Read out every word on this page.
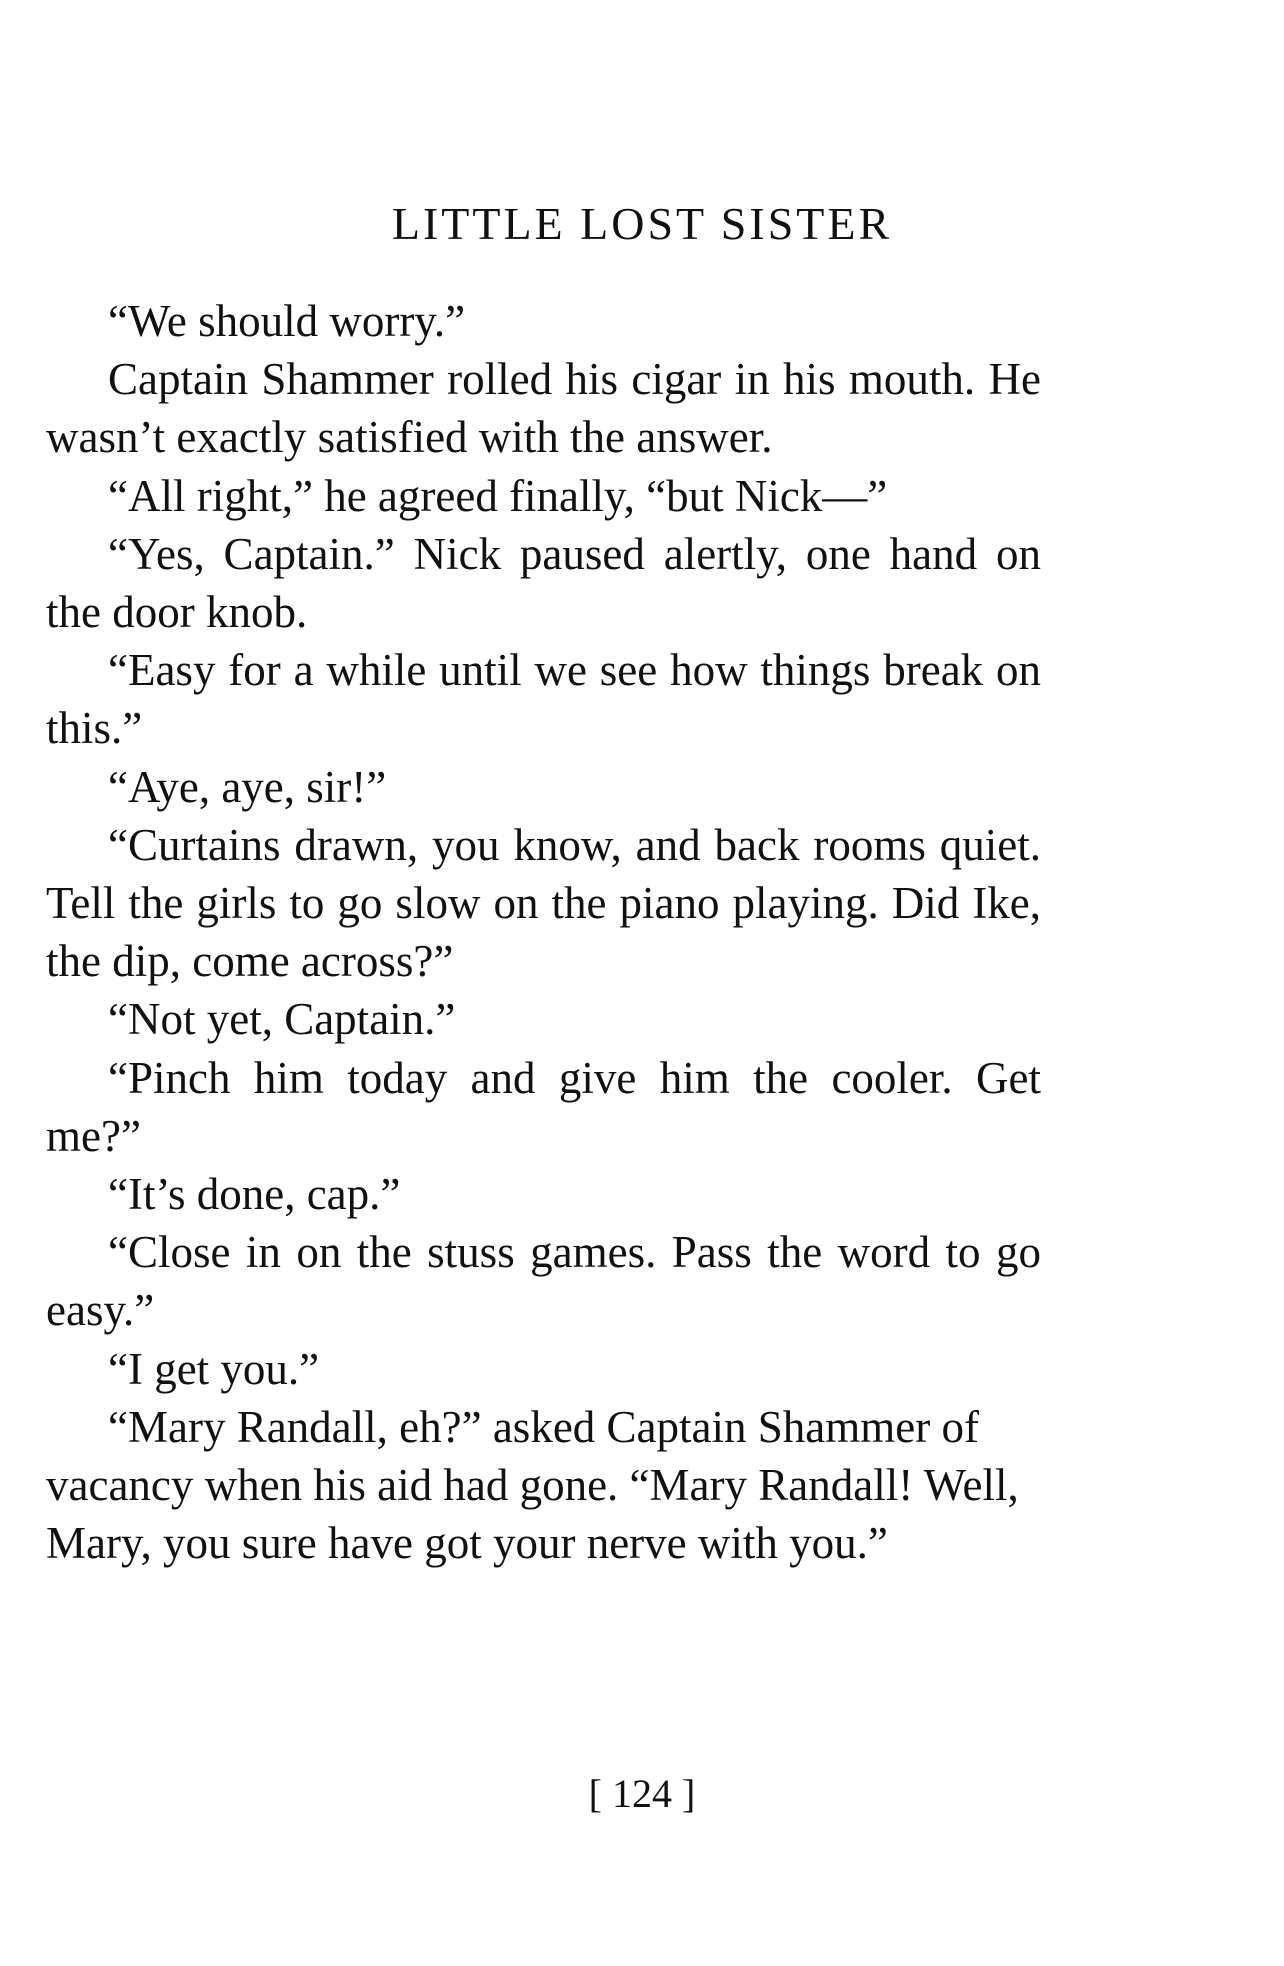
LITTLE LOST SISTER

“We should worry.”

Captain Shammer rolled his cigar in his mouth. He wasn’t exactly satisfied with the answer.

“All right,” he agreed finally, “but Nick—”

“Yes, Captain.” Nick paused alertly, one hand on the door knob.

“Easy for a while until we see how things break on this.”

“Aye, aye, sir!”

“Curtains drawn, you know, and back rooms quiet. Tell the girls to go slow on the piano playing. Did Ike, the dip, come across?”

“Not yet, Captain.”

“Pinch him today and give him the cooler. Get me?”

“It’s done, cap.”

“Close in on the stuss games. Pass the word to go easy.”

“I get you.”

“Mary Randall, eh?” asked Captain Shammer of vacancy when his aid had gone. “Mary Randall! Well, Mary, you sure have got your nerve with you.”

[ 124 ]
